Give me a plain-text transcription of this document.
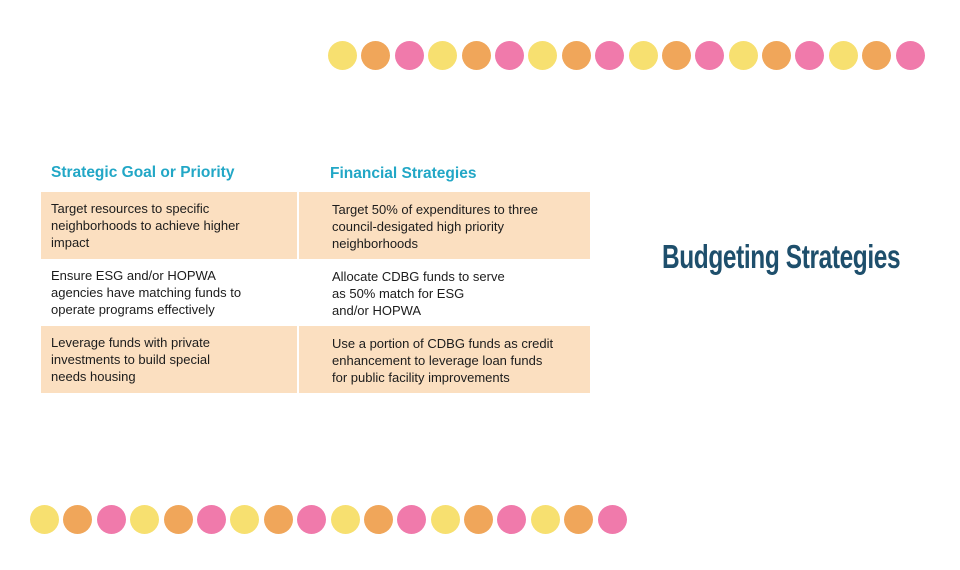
Strategic Goal or Priority	Financial Strategies
Target resources to specific
neighborhoods to achieve higher
impact
Target 50% of expenditures to three
council-desigated high priority
neighborhoods
Ensure ESG and/or HOPWA
agencies have matching funds to
operate programs effectively
Allocate CDBG funds to serve
as 50% match for ESG
and/or HOPWA
Leverage funds with private
investments to build special
needs housing
Use a portion of CDBG funds as credit
enhancement to leverage loan funds
for public facility improvements
Budgeting Strategies
